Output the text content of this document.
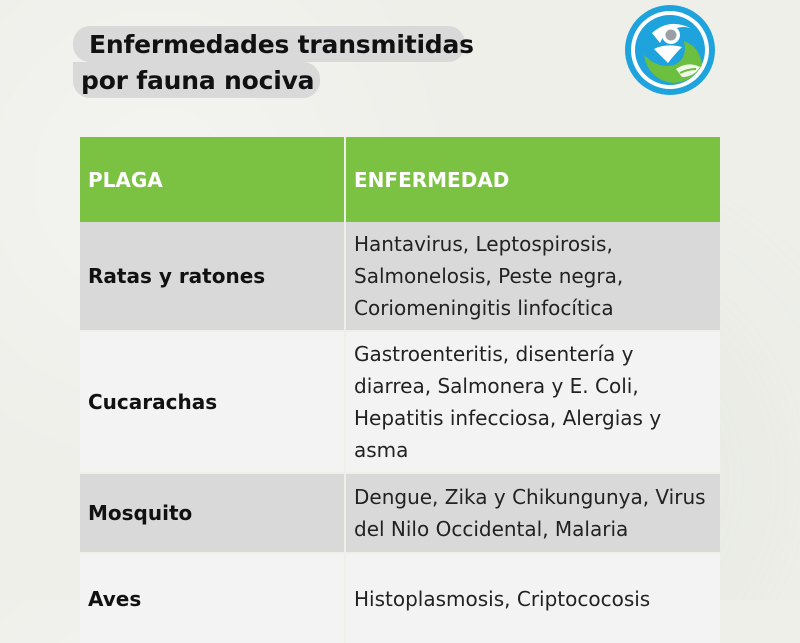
Enfermedades transmitidas
por fauna nociva
PLAGA	ENFERMEDAD
Ratas y ratones	Hantavirus, Leptospirosis, Salmonelosis, Peste negra, Coriomeningitis linfocítica
Cucarachas	Gastroenteritis, disentería y diarrea, Salmonera y E. Coli, Hepatitis infecciosa, Alergias y asma
Mosquito	Dengue, Zika y Chikungunya, Virus del Nilo Occidental, Malaria
Aves	Histoplasmosis, Criptococosis
